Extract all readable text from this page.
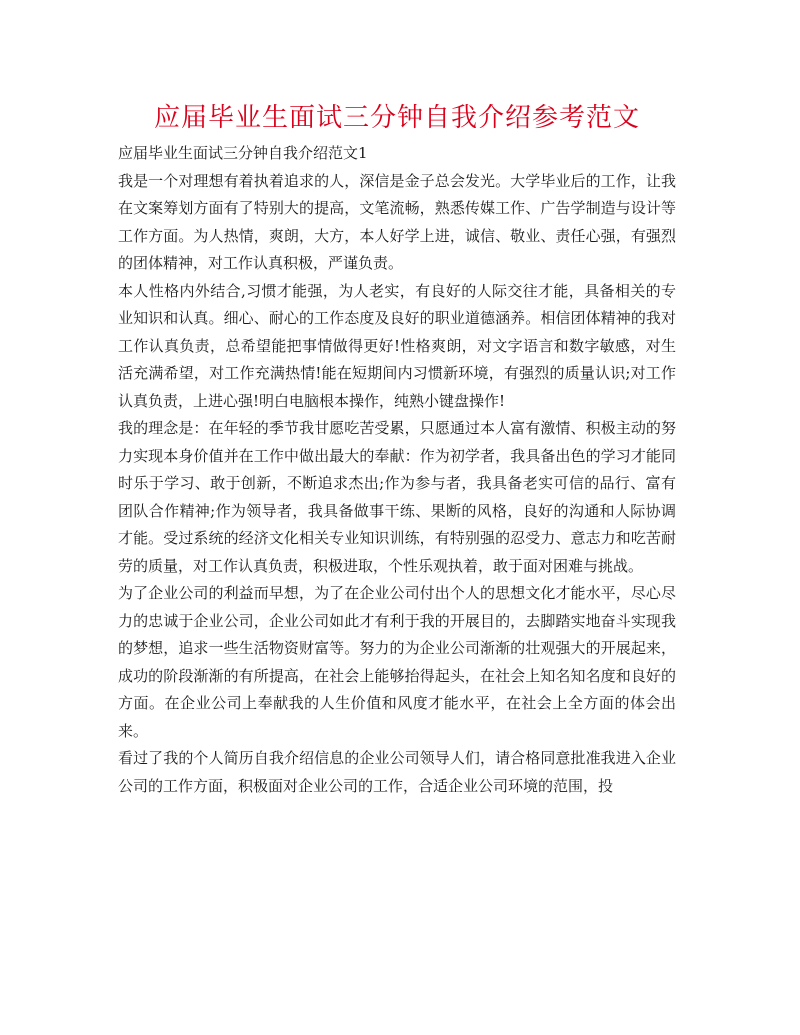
应届毕业生面试三分钟自我介绍参考范文

应届毕业生面试三分钟自我介绍范文1

我是一个对理想有着执着追求的人，深信是金子总会发光。大学毕业后的工作，让我在文案筹划方面有了特别大的提高，文笔流畅，熟悉传媒工作、广告学制造与设计等工作方面。为人热情，爽朗，大方，本人好学上进，诚信、敬业、责任心强，有强烈的团体精神，对工作认真积极，严谨负责。

本人性格内外结合,习惯才能强，为人老实，有良好的人际交往才能，具备相关的专业知识和认真。细心、耐心的工作态度及良好的职业道德涵养。相信团体精神的我对工作认真负责，总希望能把事情做得更好!性格爽朗，对文字语言和数字敏感，对生活充满希望，对工作充满热情!能在短期间内习惯新环境，有强烈的质量认识;对工作认真负责，上进心强!明白电脑根本操作，纯熟小键盘操作!

我的理念是：在年轻的季节我甘愿吃苦受累，只愿通过本人富有激情、积极主动的努力实现本身价值并在工作中做出最大的奉献：作为初学者，我具备出色的学习才能同时乐于学习、敢于创新，不断追求杰出;作为参与者，我具备老实可信的品行、富有团队合作精神;作为领导者，我具备做事干练、果断的风格，良好的沟通和人际协调才能。受过系统的经济文化相关专业知识训练，有特别强的忍受力、意志力和吃苦耐劳的质量，对工作认真负责，积极进取，个性乐观执着，敢于面对困难与挑战。

为了企业公司的利益而早想，为了在企业公司付出个人的思想文化才能水平，尽心尽力的忠诚于企业公司，企业公司如此才有利于我的开展目的，去脚踏实地奋斗实现我的梦想，追求一些生活物资财富等。努力的为企业公司渐渐的壮观强大的开展起来，成功的阶段渐渐的有所提高，在社会上能够抬得起头，在社会上知名知名度和良好的方面。在企业公司上奉献我的人生价值和风度才能水平，在社会上全方面的体会出来。

看过了我的个人简历自我介绍信息的企业公司领导人们，请合格同意批准我进入企业公司的工作方面，积极面对企业公司的工作，合适企业公司环境的范围，投
